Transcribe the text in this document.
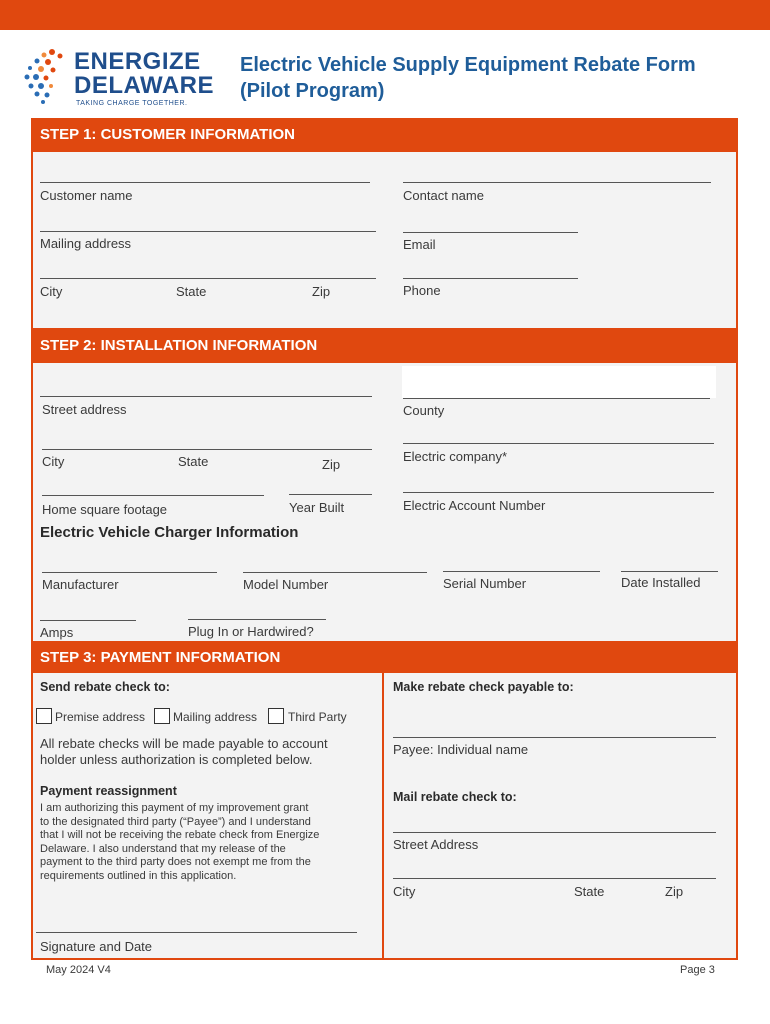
ENERGIZE
DELAWARE
TAKING CHARGE TOGETHER.
Electric Vehicle Supply Equipment Rebate Form
(Pilot Program)
STEP 1: CUSTOMER INFORMATION
Customer name	Contact name
Mailing address	Email
City	State	Zip	Phone
STEP 2: INSTALLATION INFORMATION
Street address	County
City	State	Zip
Electric company*
Home square footage	Year Built	Electric Account Number
Electric Vehicle Charger Information
Manufacturer	Model Number	Serial Number	Date Installed
Amps	Plug In or Hardwired?
STEP 3: PAYMENT INFORMATION
Send rebate check to:
Premise address Mailing address	Third Party
All rebate checks will be made payable to account
holder unless authorization is completed below.
Payment reassignment
I am authorizing this payment of my improvement grant
to the designated third party (“Payee”) and I understand
that I will not be receiving the rebate check from Energize
Delaware. I also understand that my release of the
payment to the third party does not exempt me from the
requirements outlined in this application.
Signature and Date
Make rebate check payable to:
Payee: Individual name
Mail rebate check to:
Street Address
City	State	Zip
May 2024 V4	Page 3
